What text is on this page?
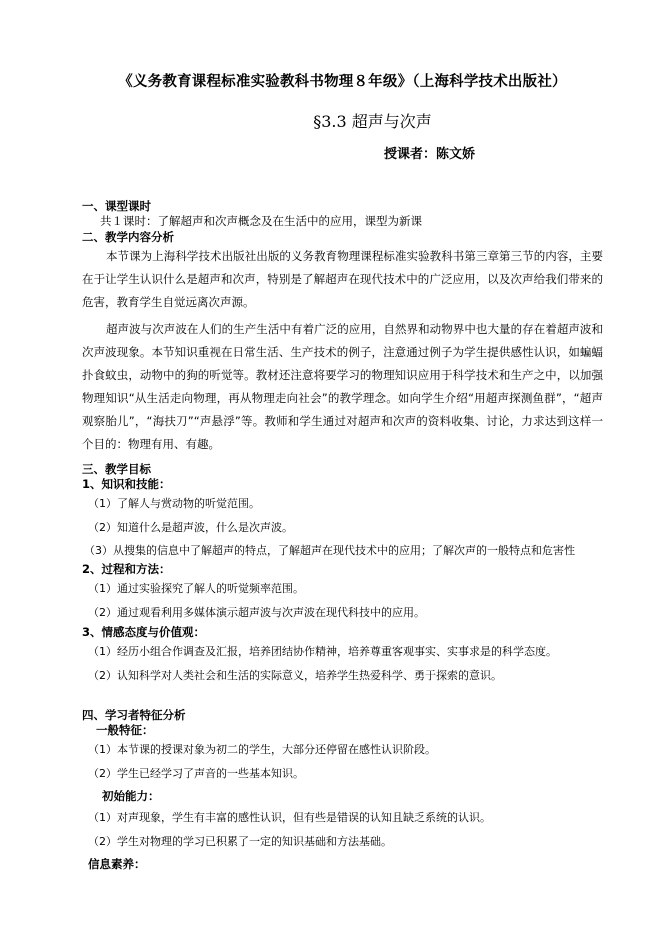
《义务教育课程标准实验教科书物理８年级》（上海科学技术出版社）
§3.3 超声与次声
授课者：陈文娇
一、课型课时

共１课时：了解超声和次声概念及在生活中的应用，课型为新课

二、教学内容分析

本节课为上海科学技术出版社出版的义务教育物理课程标准实验教科书第三章第三节的内容，主要在于让学生认识什么是超声和次声，特别是了解超声在现代技术中的广泛应用，以及次声给我们带来的危害，教育学生自觉远离次声源。

超声波与次声波在人们的生产生活中有着广泛的应用，自然界和动物界中也大量的存在着超声波和次声波现象。本节知识重视在日常生活、生产技术的例子，注意通过例子为学生提供感性认识，如蝙蝠扑食蚊虫，动物中的狗的听觉等。教材还注意将要学习的物理知识应用于科学技术和生产之中，以加强物理知识“从生活走向物理，再从物理走向社会”的教学理念。如向学生介绍“用超声探测鱼群”，“超声观察胎儿”，“海扶刀”“声悬浮”等。教师和学生通过对超声和次声的资料收集、讨论，力求达到这样一个目的：物理有用、有趣。

三、教学目标
1、知识和技能：
（1）了解人与赏动物的听觉范围。
（2）知道什么是超声波，什么是次声波。
（3）从搜集的信息中了解超声的特点，了解超声在现代技术中的应用；了解次声的一般特点和危害性
2、过程和方法：
（1）通过实验探究了解人的听觉频率范围。
（2）通过观看利用多媒体演示超声波与次声波在现代科技中的应用。
3、情感态度与价值观：
（1）经历小组合作调查及汇报，培养团结协作精神，培养尊重客观事实、实事求是的科学态度。
（2）认知科学对人类社会和生活的实际意义，培养学生热爱科学、勇于探索的意识。
四、学习者特征分析
一般特征：
（1）本节课的授课对象为初二的学生，大部分还停留在感性认识阶段。
（2）学生已经学习了声音的一些基本知识。
初始能力：
（1）对声现象，学生有丰富的感性认识，但有些是错误的认知且缺乏系统的认识。
（2）学生对物理的学习已积累了一定的知识基础和方法基础。
信息素养：
